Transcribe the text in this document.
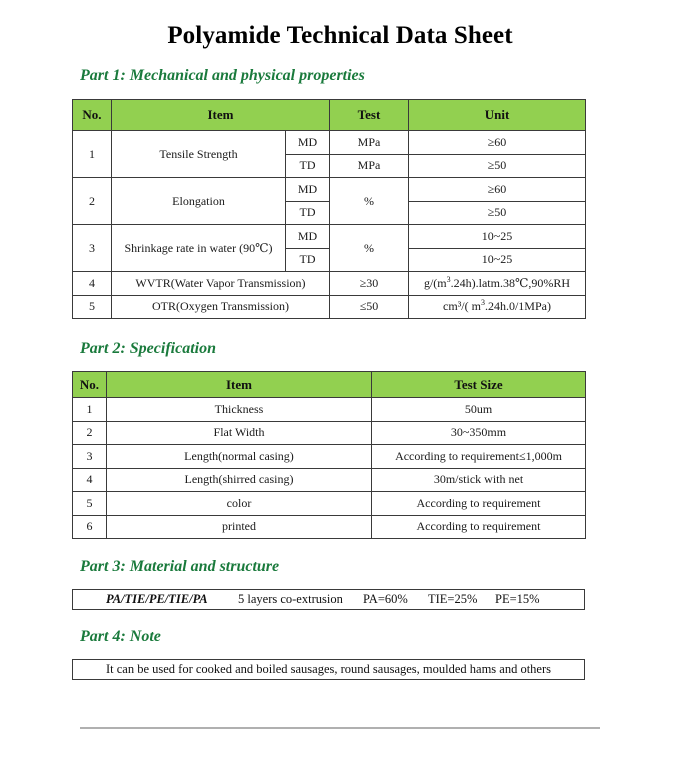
Polyamide Technical Data Sheet
Part 1: Mechanical and physical properties
No.	Item		Test	Unit
1	Tensile Strength	MD	MPa	≥60
		TD	MPa	≥50
2	Elongation	MD	%	≥60
		TD		≥50
3	Shrinkage rate in water (90℃)	MD	%	10~25
		TD		10~25
4	WVTR(Water Vapor Transmission)		≥30	$g/(m^3.24h).latm.38℃,90\%RH$
5	OTR(Oxygen Transmission)		≤50	cm³/( $m^3.24h.0/1MPa$)
Part 2: Specification
No.	Item	Test Size
1	Thickness	50um
2	Flat Width	30~350mm
3	Length(normal casing)	According to requirement≤1,000m
4	Length(shirred casing)	30m/stick with net
5	color	According to requirement
6	printed	According to requirement
Part 3: Material and structure
PA/TIE/PE/TIE/PA 5 layers co-extrusion PA=60% TIE=25% PE=15%
Part 4: Note
It can be used for cooked and boiled sausages, round sausages, moulded hams and others
